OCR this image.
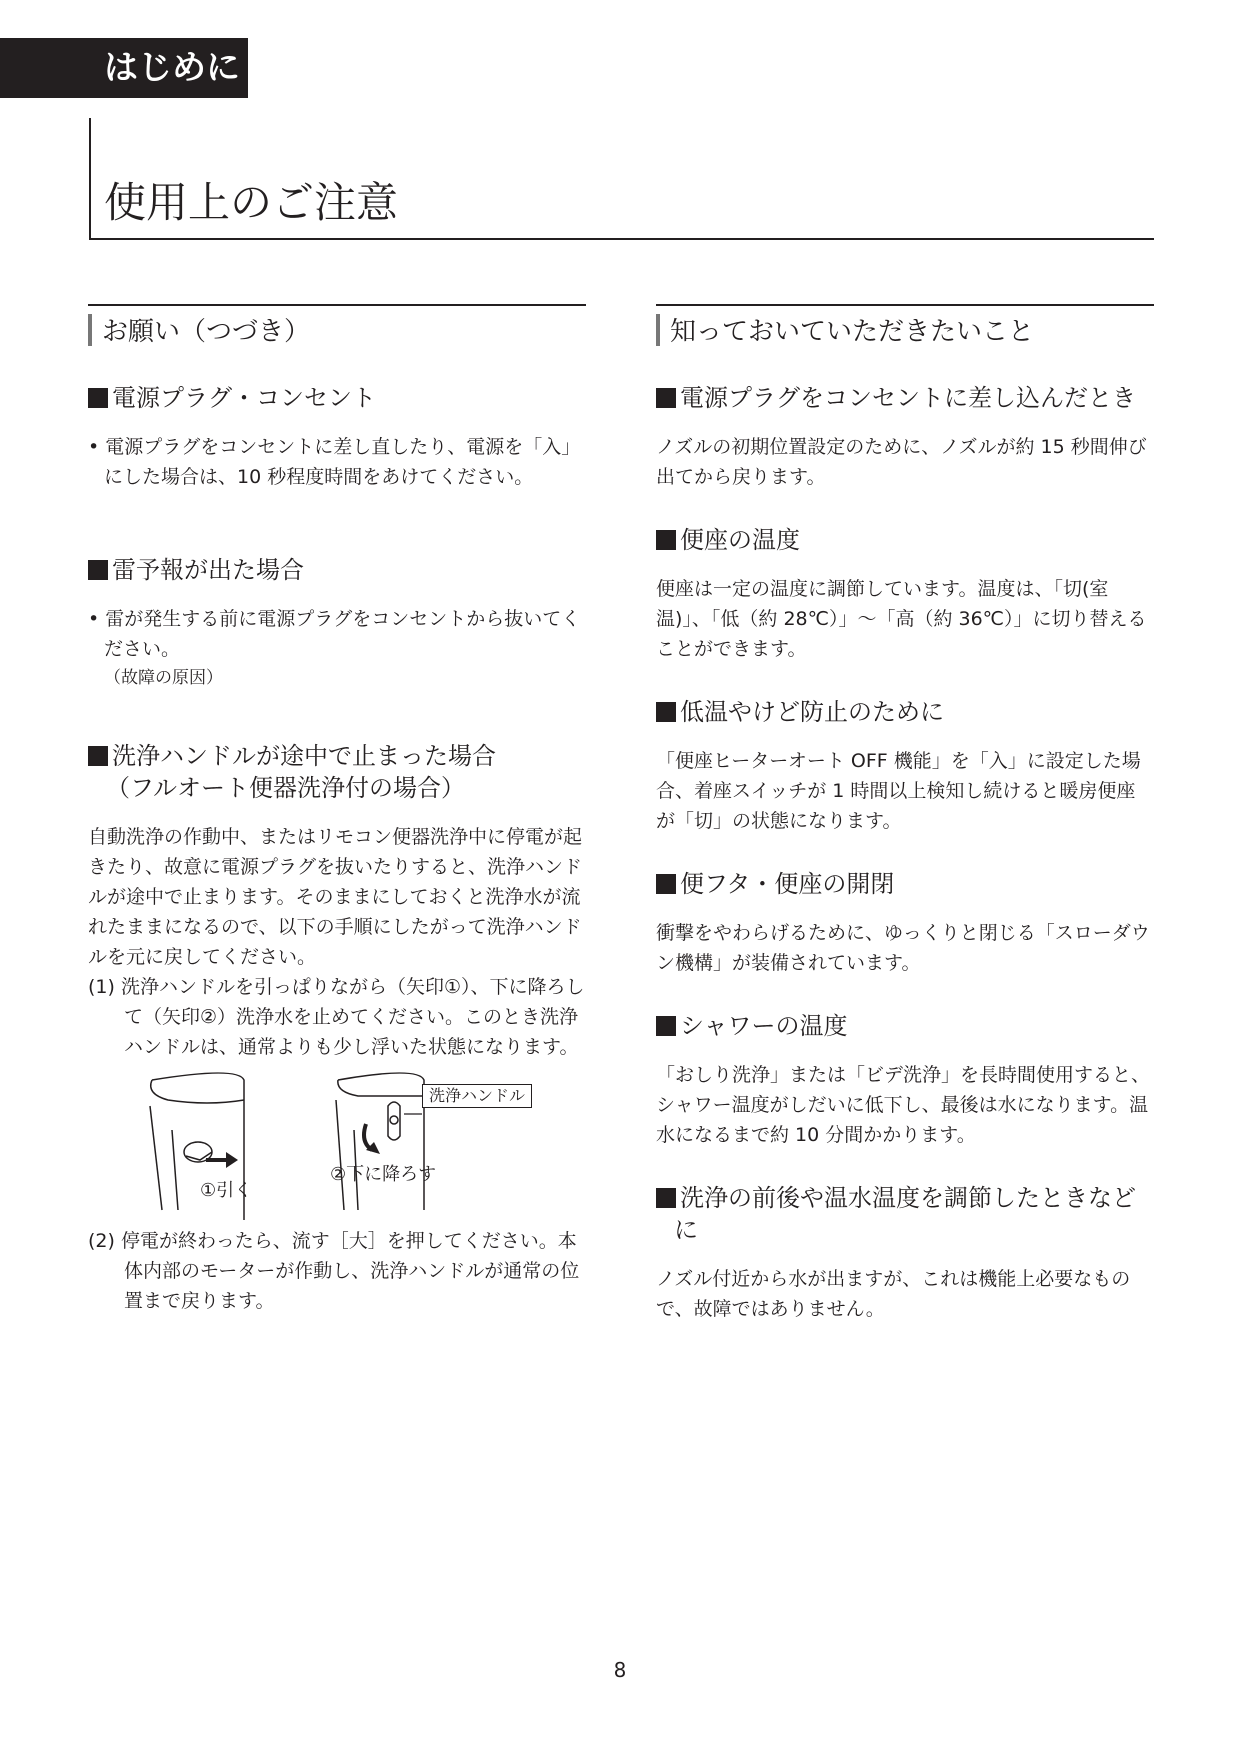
はじめに
使用上のご注意
お願い（つづき）
電源プラグ・コンセント

• 電源プラグをコンセントに差し直したり、電源を「入」にした場合は、10 秒程度時間をあけてください。

雷予報が出た場合

• 雷が発生する前に電源プラグをコンセントから抜いてください。

（故障の原因）

洗浄ハンドルが途中で止まった場合
（フルオート便器洗浄付の場合）

自動洗浄の作動中、またはリモコン便器洗浄中に停電が起きたり、故意に電源プラグを抜いたりすると、洗浄ハンドルが途中で止まります。そのままにしておくと洗浄水が流れたままになるので、以下の手順にしたがって洗浄ハンドルを元に戻してください。

(1) 洗浄ハンドルを引っぱりながら（矢印①）、下に降ろして（矢印②）洗浄水を止めてください。このとき洗浄ハンドルは、通常よりも少し浮いた状態になります。

①引く
②下に降ろす
洗浄ハンドル

(2) 停電が終わったら、流す［大］を押してください。本体内部のモーターが作動し、洗浄ハンドルが通常の位置まで戻ります。

知っておいていただきたいこと
電源プラグをコンセントに差し込んだとき

ノズルの初期位置設定のために、ノズルが約 15 秒間伸び出てから戻ります。

便座の温度

便座は一定の温度に調節しています。温度は、「切(室温)」、「低（約 28℃）」～「高（約 36℃）」に切り替えることができます。

低温やけど防止のために

「便座ヒーターオート OFF 機能」を「入」に設定した場合、着座スイッチが 1 時間以上検知し続けると暖房便座が「切」の状態になります。

便フタ・便座の開閉

衝撃をやわらげるために、ゆっくりと閉じる「スローダウン機構」が装備されています。

シャワーの温度

「おしり洗浄」または「ビデ洗浄」を長時間使用すると、シャワー温度がしだいに低下し、最後は水になります。温水になるまで約 10 分間かかります。

洗浄の前後や温水温度を調節したときなどに

ノズル付近から水が出ますが、これは機能上必要なもので、故障ではありません。

8
